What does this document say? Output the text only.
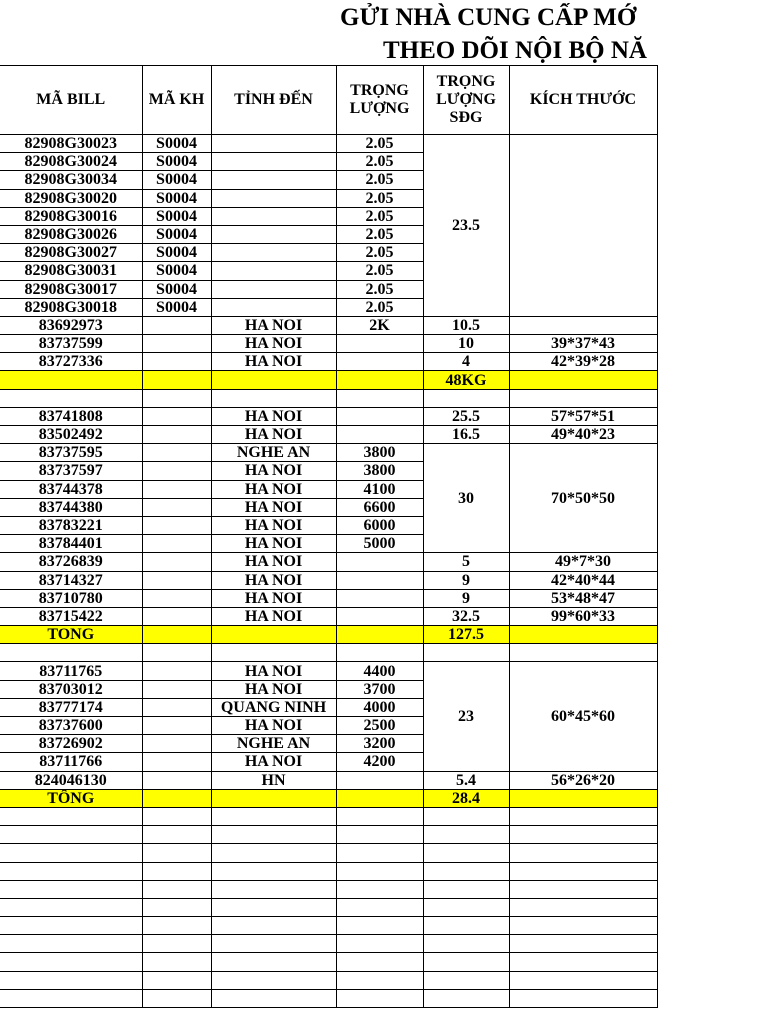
GỬI NHÀ CUNG CẤP MỚ
THEO DÕI NỘI BỘ NĂ
MÃ BILL	MÃ KH	TỈNH ĐẾN	TRỌNG LƯỢNG	TRỌNG LƯỢNG SĐG	KÍCH THƯỚC
82908G30023	S0004		2.05	23.5	
82908G30024	S0004		2.05		
82908G30034	S0004		2.05		
82908G30020	S0004		2.05		
82908G30016	S0004		2.05		
82908G30026	S0004		2.05		
82908G30027	S0004		2.05		
82908G30031	S0004		2.05		
82908G30017	S0004		2.05		
82908G30018	S0004		2.05		
83692973		HA NOI	2K	10.5	
83737599		HA NOI		10	39*37*43
83727336		HA NOI		4	42*39*28
				48KG	

83741808		HA NOI		25.5	57*57*51
83502492		HA NOI		16.5	49*40*23
83737595		NGHE AN	3800	30	70*50*50
83737597		HA NOI	3800		
83744378		HA NOI	4100		
83744380		HA NOI	6600		
83783221		HA NOI	6000		
83784401		HA NOI	5000		
83726839		HA NOI		5	49*7*30
83714327		HA NOI		9	42*40*44
83710780		HA NOI		9	53*48*47
83715422		HA NOI		32.5	99*60*33
TONG				127.5	

83711765		HA NOI	4400	23	60*45*60
83703012		HA NOI	3700		
83777174		QUANG NINH	4000		
83737600		HA NOI	2500		
83726902		NGHE AN	3200		
83711766		HA NOI	4200		
824046130		HN		5.4	56*26*20
TỔNG				28.4	
